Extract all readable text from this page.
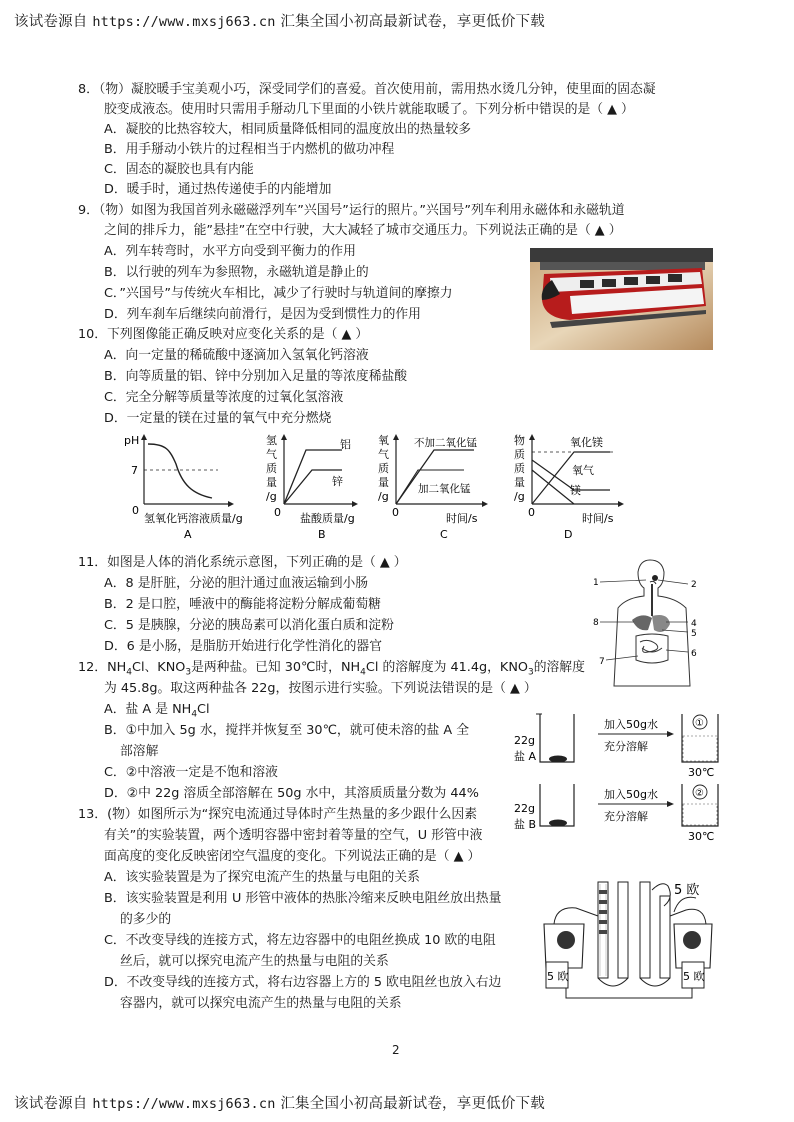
该试卷源自 https://www.mxsj663.cn 汇集全国小初高最新试卷，享更低价下载
8．（物）凝胶暖手宝美观小巧，深受同学们的喜爱。首次使用前，需用热水烫几分钟，使里面的固态凝
胶变成液态。使用时只需用手掰动几下里面的小铁片就能取暖了。下列分析中错误的是（ ▲ ）
A．凝胶的比热容较大，相同质量降低相同的温度放出的热量较多
B．用手掰动小铁片的过程相当于内燃机的做功冲程
C．固态的凝胶也具有内能
D．暖手时，通过热传递使手的内能增加
9．（物）如图为我国首列永磁磁浮列车”兴国号”运行的照片。”兴国号”列车利用永磁体和永磁轨道
之间的排斥力，能”悬挂”在空中行驶，大大减轻了城市交通压力。下列说法正确的是（ ▲ ）
A．列车转弯时，水平方向受到平衡力的作用
B．以行驶的列车为参照物，永磁轨道是静止的
C．”兴国号”与传统火车相比，减少了行驶时与轨道间的摩擦力
D．列车刹车后继续向前滑行，是因为受到惯性力的作用
10．下列图像能正确反映对应变化关系的是（ ▲ ）
A．向一定量的稀硫酸中逐滴加入氢氧化钙溶液
B．向等质量的铝、锌中分别加入足量的等浓度稀盐酸
C．完全分解等质量等浓度的过氧化氢溶液
D．一定量的镁在过量的氧气中充分燃烧
pH
7
0
氢氧化钙溶液质量/g
A
氢
气
质
量
/g
铝
锌
0 盐酸质量/g
B
氧
气
质
量
/g
不加二氧化锰
加二氧化锰
0	时间/s
C
物
质
质
量
/g
氧化镁
氧气
镁
0	时间/s
D
11．如图是人体的消化系统示意图，下列正确的是（ ▲ ）
A．8 是肝脏，分泌的胆汁通过血液运输到小肠
B．2 是口腔，唾液中的酶能将淀粉分解成葡萄糖
C．5 是胰腺，分泌的胰岛素可以消化蛋白质和淀粉
D．6 是小肠，是脂肪开始进行化学性消化的器官
1	2
4
5
6
7
8
12．$NH_4Cl$、$KNO_3$是两种盐。已知 30℃时，$NH_4Cl$ 的溶解度为 41.4g，$KNO_3$的溶解度
为 45.8g。取这两种盐各 22g，按图示进行实验。下列说法错误的是（ ▲ ）
A．盐 A 是 $NH_4Cl$
B．①中加入 5g 水，搅拌并恢复至 30℃，就可使未溶的盐 A 全
部溶解
C．②中溶液一定是不饱和溶液
D．②中 22g 溶质全部溶解在 50g 水中，其溶质质量分数为 44%
22g
盐 A
加入50g水
充分溶解
①
30℃
22g
盐 B
加入50g水
充分溶解
②
30℃
13．(物）如图所示为“探究电流通过导体时产生热量的多少跟什么因素
有关”的实验装置，两个透明容器中密封着等量的空气，U 形管中液
面高度的变化反映密闭空气温度的变化。下列说法正确的是（ ▲ ）
A．该实验装置是为了探究电流产生的热量与电阻的关系
B．该实验装置是利用 U 形管中液体的热胀冷缩来反映电阻丝放出热量
的多少的
C．不改变导线的连接方式，将左边容器中的电阻丝换成 10 欧的电阻
丝后，就可以探究电流产生的热量与电阻的关系
D．不改变导线的连接方式，将右边容器上方的 5 欧电阻丝也放入右边
容器内，就可以探究电流产生的热量与电阻的关系
5 欧	5 欧
5 欧
2
该试卷源自 https://www.mxsj663.cn 汇集全国小初高最新试卷，享更低价下载
